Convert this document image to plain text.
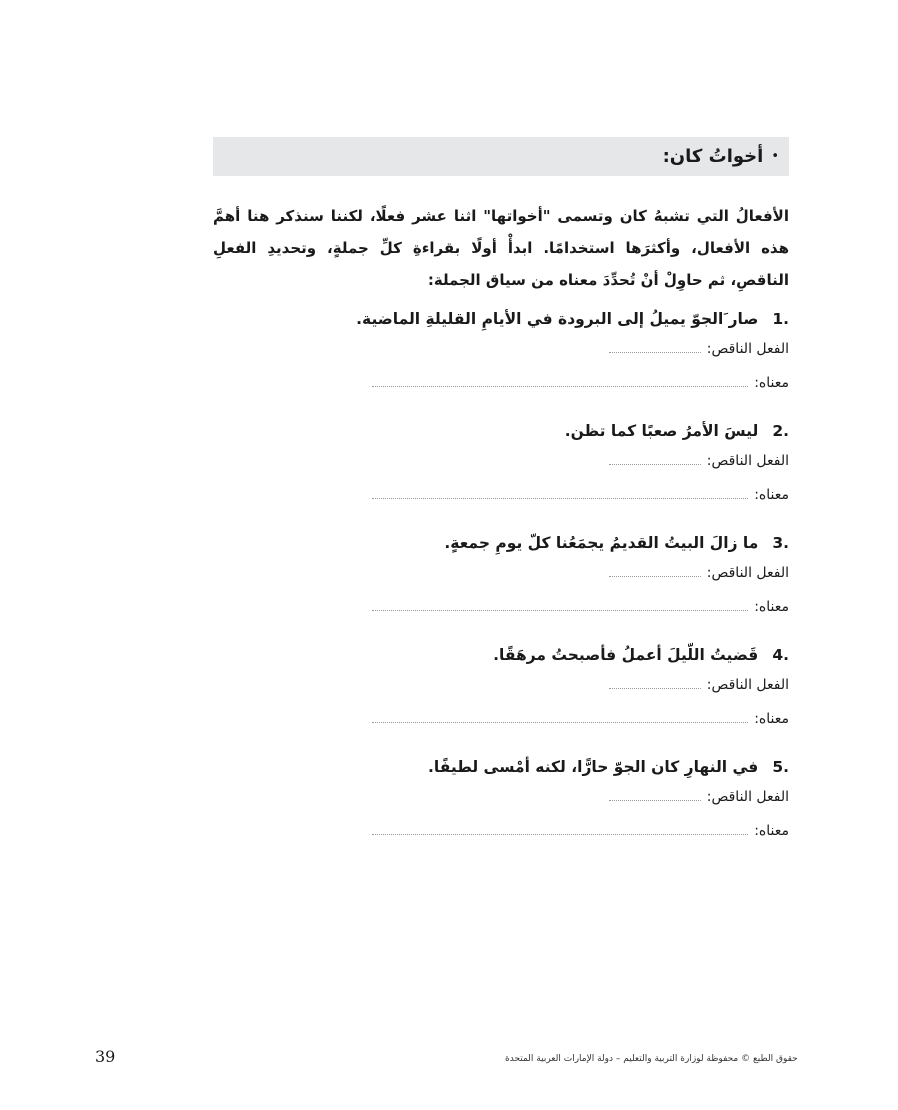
•
أخواتُ كان:
الأفعالُ التي تشبهُ كان وتسمى "أخواتها" اثنا عشر فعلًا، لكننا سنذكر هنا أهمَّ هذه الأفعال، وأكثرَها استخدامًا. ابدأْ أولًا بقراءةِ كلِّ جملةٍ، وتحديدِ الفعلِ الناقصِ، ثم حاوِلْ أنْ تُحدِّدَ معناه من سياق الجملة:
1.
صار َالجوّ يميلُ إلى البرودة في الأيامِ القليلةِ الماضية.
الفعل الناقص:
معناه:
2.
ليسَ الأمرُ صعبًا كما تظن.
الفعل الناقص:
معناه:
3.
ما زالَ البيتُ القديمُ يجمَعُنا كلّ يومِ جمعةٍ.
الفعل الناقص:
معناه:
4.
قَضيتُ اللّيلَ أعملُ فأصبحتُ مرهَقًا.
الفعل الناقص:
معناه:
5.
في النهارِ كان الجوّ حارًّا، لكنه أمْسى لطيفًا.
الفعل الناقص:
معناه:
حقوق الطبع © محفوظة لوزارة التربية والتعليم – دولة الإمارات العربية المتحدة
39
